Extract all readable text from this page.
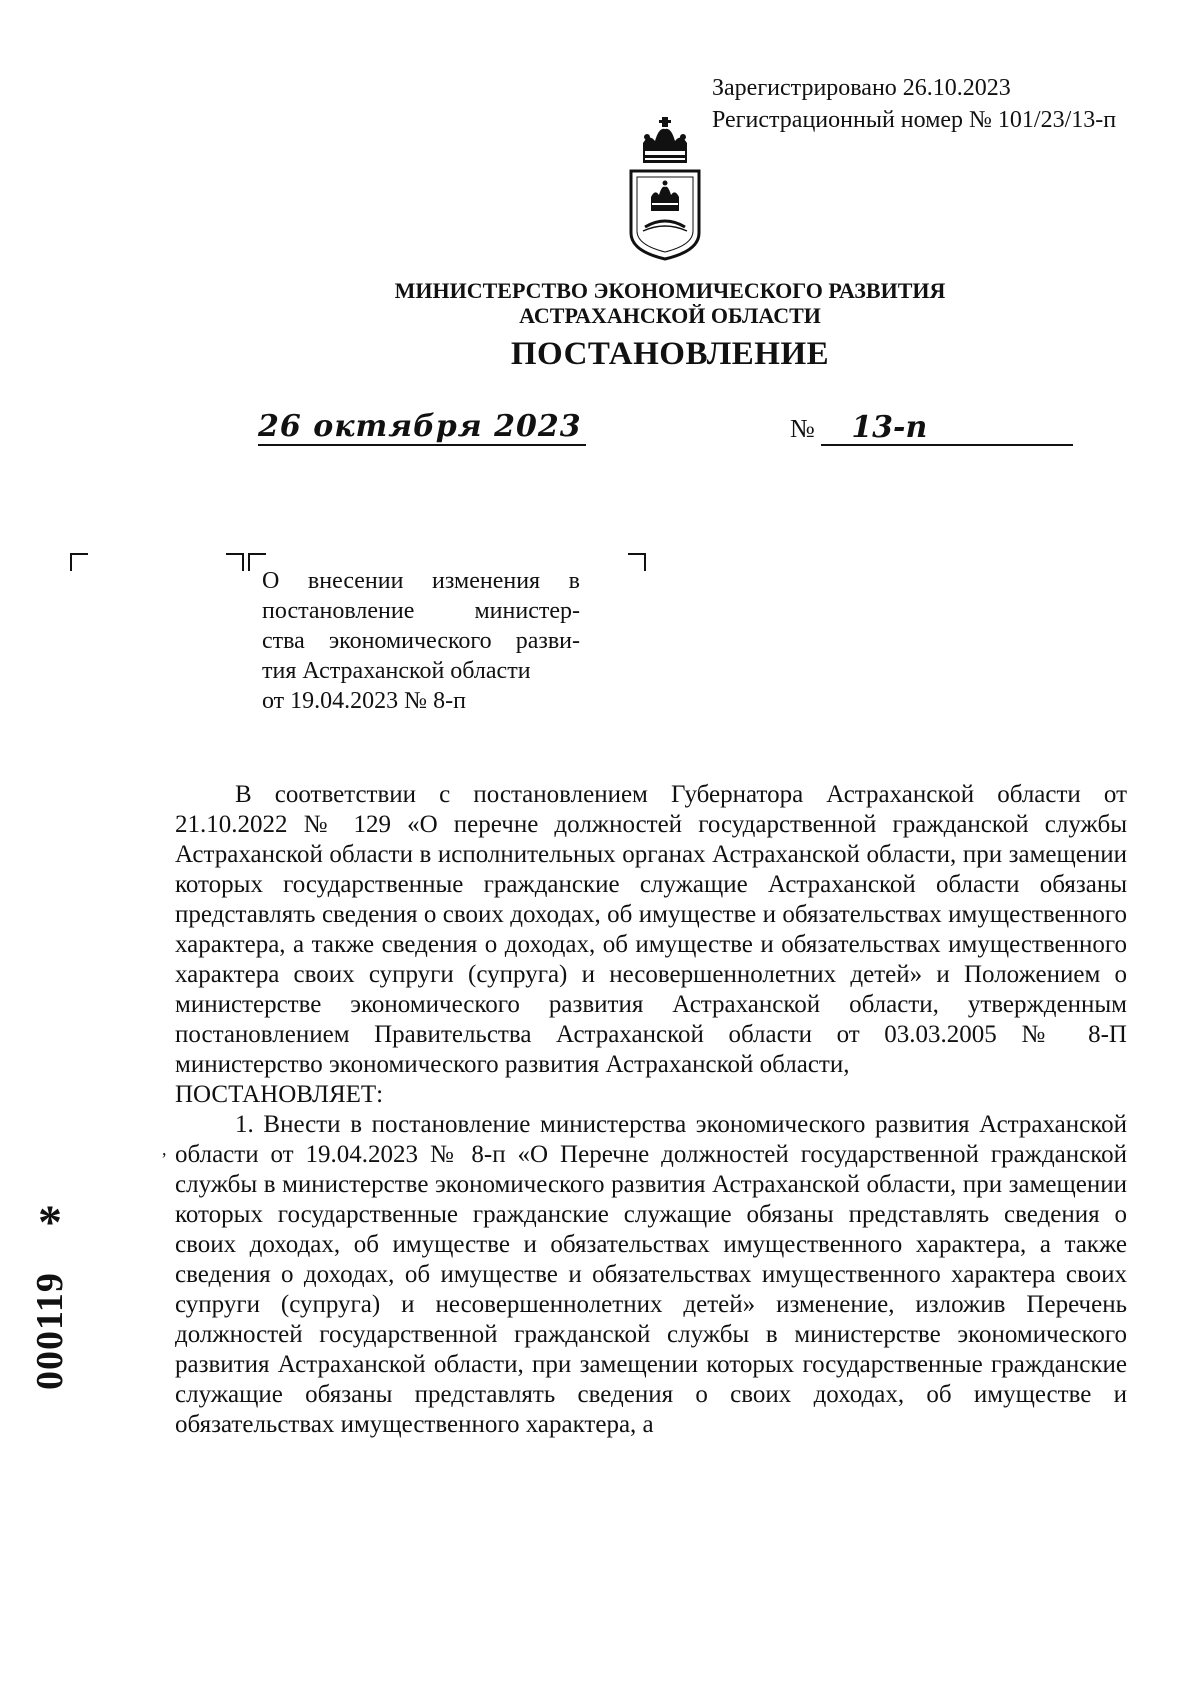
Зарегистрировано 26.10.2023
Регистрационный номер № 101/23/13-п
МИНИСТЕРСТВО ЭКОНОМИЧЕСКОГО РАЗВИТИЯ
АСТРАХАНСКОЙ ОБЛАСТИ
ПОСТАНОВЛЕНИЕ
26 октября 2023	№ 13-п
О внесении изменения в
постановление министер-
ства экономического разви-
тия Астраханской области
от 19.04.2023 № 8-п

В соответствии с постановлением Губернатора Астраханской области от 21.10.2022 № 129 «О перечне должностей государственной гражданской службы Астраханской области в исполнительных органах Астраханской области, при замещении которых государственные гражданские служащие Астраханской области обязаны представлять сведения о своих доходах, об имуществе и обязательствах имущественного характера, а также сведения о доходах, об имуществе и обязательствах имущественного характера своих супруги (супруга) и несовершеннолетних детей» и Положением о министерстве экономического развития Астраханской области, утвержденным постановлением Правительства Астраханской области от 03.03.2005 № 8-П министерство экономического развития Астраханской области,

ПОСТАНОВЛЯЕТ:

1. Внести в постановление министерства экономического развития Астраханской области от 19.04.2023 № 8-п «О Перечне должностей государственной гражданской службы в министерстве экономического развития Астраханской области, при замещении которых государственные гражданские служащие обязаны представлять сведения о своих доходах, об имуществе и обязательствах имущественного характера, а также сведения о доходах, об имуществе и обязательствах имущественного характера своих супруги (супруга) и несовершеннолетних детей» изменение, изложив Перечень должностей государственной гражданской службы в министерстве экономического развития Астраханской области, при замещении которых государственные гражданские служащие обязаны представлять сведения о своих доходах, об имуществе и обязательствах имущественного характера, а

,
*
000119
